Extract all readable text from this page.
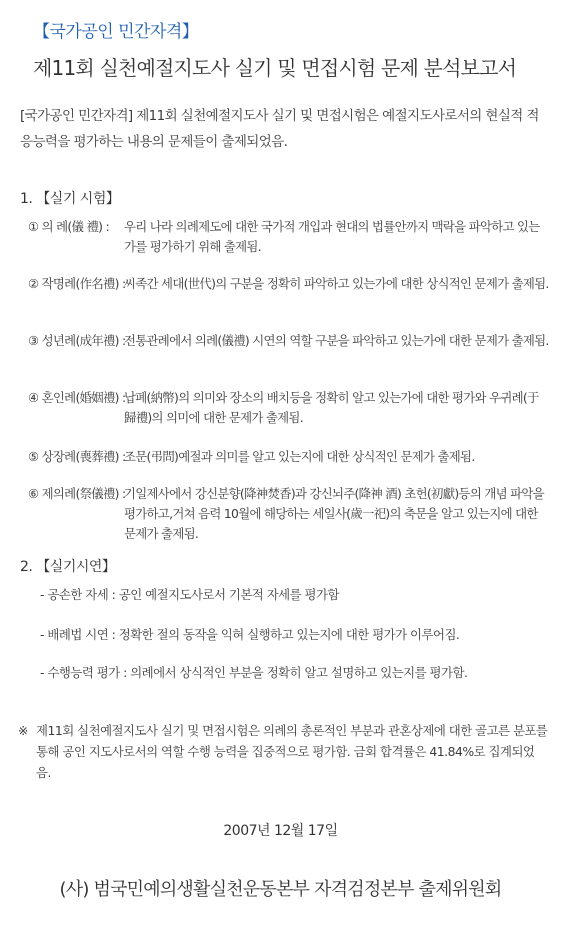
【국가공인 민간자격】
제11회 실천예절지도사 실기 및 면접시험 문제 분석보고서
[국가공인 민간자격] 제11회 실천예절지도사 실기 및 면접시험은 예절지도사로서의 현실적 적응능력을 평가하는 내용의 문제들이 출제되었음.
1. 【실기 시험】
① 의 례(儀 禮) : 우리 나라 의례제도에 대한 국가적 개입과 현대의 법률안까지 맥락을 파악하고 있는가를 평가하기 위해 출제됨.
② 작명례(作名禮) :
씨족간 세대(世代)의 구분을 정확히 파악하고 있는가에 대한 상식적인 문제가 출제됨.
③ 성년례(成年禮) :
전통관례에서 의례(儀禮) 시연의 역할 구분을 파악하고 있는가에 대한 문제가 출제됨.
④ 혼인례(婚姻禮) :
납폐(納幣)의 의미와 장소의 배치등을 정확히 알고 있는가에 대한 평가와 우귀례(于歸禮)의 의미에 대한 문제가 출제됨.
⑤ 상장례(喪葬禮) :
조문(弔問)예절과 의미를 알고 있는지에 대한 상식적인 문제가 출제됨.
⑥ 제의례(祭儀禮) :
기일제사에서 강신분향(降神焚香)과 강신뇌주(降神 酒) 초헌(初獻)등의 개념 파악을 평가하고,거쳐 음력 10월에 해당하는 세일사(歲一祀)의 축문을 알고 있는지에 대한 문제가 출제됨.
2. 【실기시연】
- 공손한 자세 : 공인 예절지도사로서 기본적 자세를 평가함
- 배례법 시연 : 정확한 절의 동작을 익혀 실행하고 있는지에 대한 평가가 이루어짐.
- 수행능력 평가 : 의례에서 상식적인 부분을 정확히 알고 설명하고 있는지를 평가함.
※ 제11회 실천예절지도사 실기 및 면접시험은 의례의 총론적인 부분과 관혼상제에 대한 골고른 분포를 통해 공인 지도사로서의 역할 수행 능력을 집중적으로 평가함. 금회 합격률은 41.84%로 집계되었음.
2007년 12월 17일
(사) 범국민예의생활실천운동본부 자격검정본부 출제위원회
